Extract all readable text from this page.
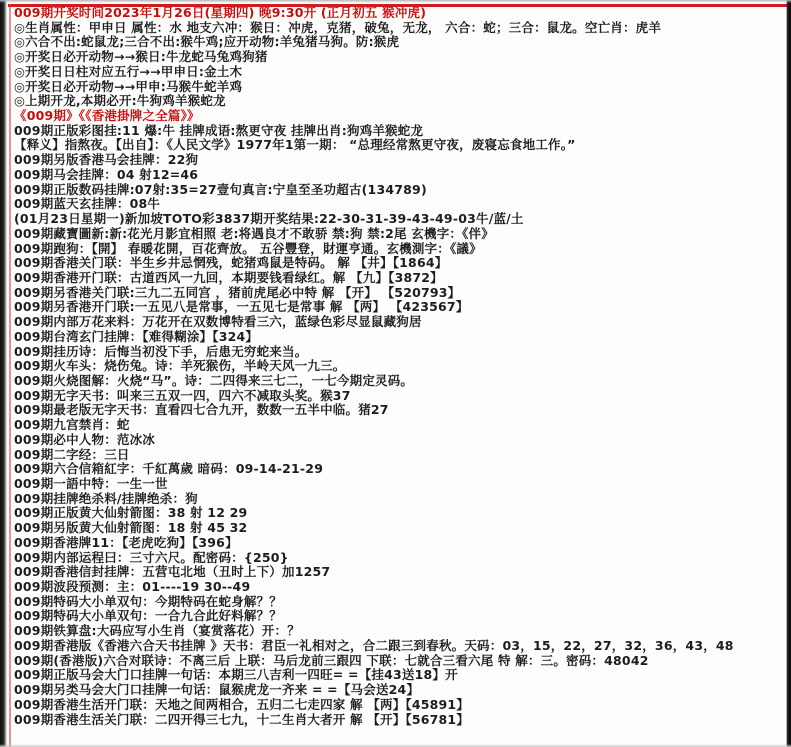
009期开奖时间2023年1月26日(星期四) 晚9:30开 (正月初五 猴冲虎)
◎生肖属性：甲申日 属性：水 地支六冲：猴日：冲虎，克猪，破兔，无龙， 六合：蛇；三合：鼠龙。空亡肖：虎羊
◎六合不出:蛇鼠龙;三合不出:猴牛鸡;应开动物:羊兔猪马狗。防:猴虎
◎开奖日必开动物→→猴日:牛龙蛇马兔鸡狗猪
◎开奖日日柱对应五行→→甲申日:金土木
◎开奖日必开动物→→甲申:马猴牛蛇羊鸡
◎上期开龙,本期必开:牛狗鸡羊猴蛇龙
《009期》《《香港掛牌之全篇》》
009期正版彩图挂:11 爆:牛 挂牌成语:熬更守夜 挂牌出肖:狗鸡羊猴蛇龙
【释义】指熬夜。【出自】：《人民文学》1977年1第一期： “总理经常熬更守夜，废寝忘食地工作。”
009期另版香港马会挂牌：22狗
009期马会挂牌：04 射12=46
009期正版数码挂牌:07射:35=27壹句真言:宁皇至圣功超古(134789)
009期蓝天玄挂牌：08牛
(01月23日星期一)新加坡TOTO彩3837期开奖结果:22-30-31-39-43-49-03牛/蓝/土
009期藏寶圖新:新:花光月影宜相照 老:将遇良才不敢骄 禁:狗 禁:2尾 玄機字：《伴》
009期跑狗：【開】 春暖花開，百花齊放。 五谷豐登，財運亨通。玄機測字：《議》
009期香港关门联：半生乡井忌惘残，蛇猪鸡鼠是特码。 解 【井】【1864】
009期香港开门联：古道西风一九回，本期要钱看绿红。解 【九】【3872】
009期另香港关门联:三九二五同宫 ，猪前虎尾必中特 解 【开】 【520793】
009期另香港开门联:一五见八是常事，一五见七是常事 解 【两】 【423567】
009期内部万花来料：万花开在双数博特看三六，蓝绿色彩尽显鼠藏狗居
009期台湾玄门挂牌：【难得糊涂】【324】
009期挂历诗：后悔当初没下手，后患无穷蛇来当。
009期火车头：烧伤兔。诗：羊死猴伤，半岭天风一九三。
009期火烧图解：火烧“马”。诗：二四得来三七二，一七今期定灵码。
009期无字天书：叫来三五双一四，四六不减取头奖。猴37
009期最老版无字天书：直看四七合九开，数数一五半中临。猪27
009期九宫禁肖：蛇
009期必中人物：范冰冰
009期二字经：三日
009期六合信箱紅字：千紅萬歲 暗码：09-14-21-29
009期一語中特：一生一世
009期挂牌绝杀料/挂牌绝杀：狗
009期正版黄大仙射箭图：38 射 12 29
009期另版黄大仙射箭图：18 射 45 32
009期香港牌11：【老虎吃狗】【396】
009期内部运程曰：三寸六尺。配密码：{250}
009期香港信封挂牌：五营屯北地（丑时上下）加1257
009期波段预测：主：01----19 30--49
009期特码大小单双句：今期特码在蛇身解？？
009期特码大小单双句：一合九合此好料解？？
009期铁算盘:大码应写小生肖（宴赏落花）开：？
009期香港版《香港六合天书挂牌 》天书：君臣一礼相对之，合二跟三到春秋。天码：03，15，22，27，32，36，43，48
009期(香港版)六合对联诗：不离三后 上联：马后龙前三跟四 下联：七就合三看六尾 特 解：三。密码：48042
009期正版马会大门口挂牌一句话：本期三八吉利一四旺= =【挂43送18】开
009期另类马会大门口挂牌一句话：鼠猴虎龙一齐来 = =【马会送24】
009期香港生活开门联：天地之间两相合，五归二七走四家 解 【两】【45891】
009期香港生活关门联：二四开得三七九，十二生肖大者开 解 【开】【56781】
